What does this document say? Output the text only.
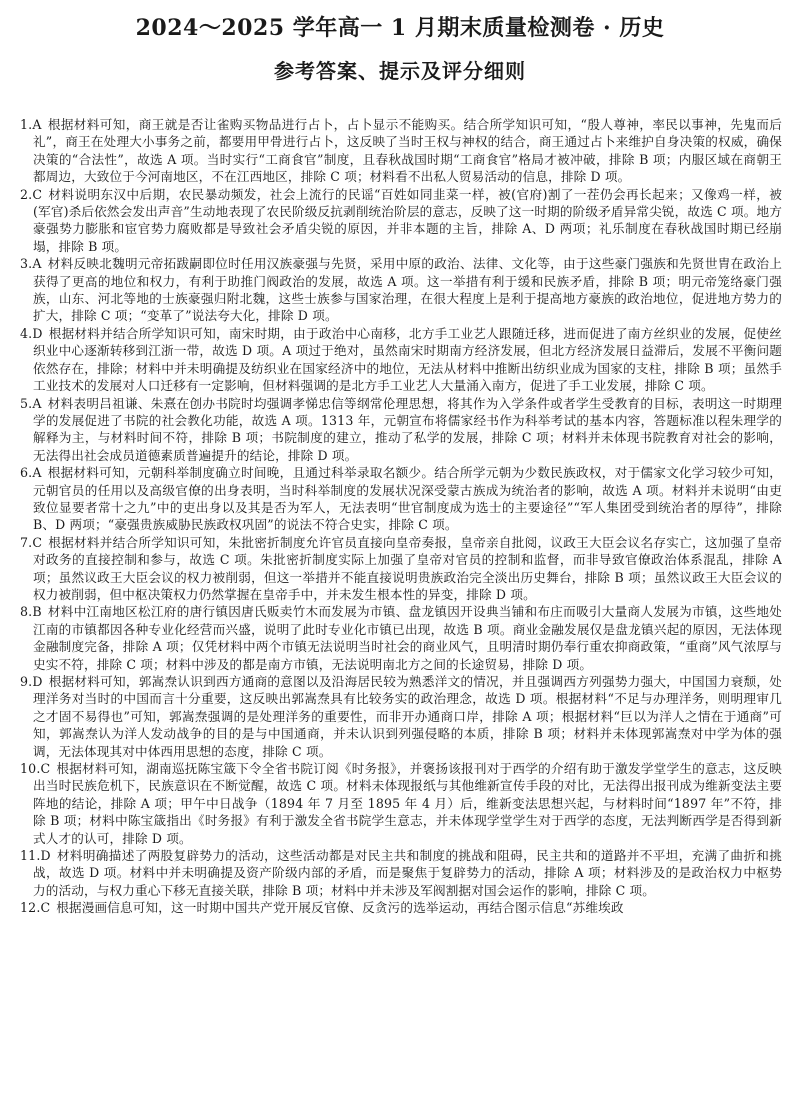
2024～2025 学年高一 1 月期末质量检测卷 · 历史
参考答案、提示及评分细则

1.A 根据材料可知，商王就是否让雀购买物品进行占卜，占卜显示不能购买。结合所学知识可知，“殷人尊神，率民以事神，先鬼而后礼”，商王在处理大小事务之前，都要用甲骨进行占卜，这反映了当时王权与神权的结合，商王通过占卜来维护自身决策的权威，确保决策的“合法性”，故选 A 项。当时实行“工商食官”制度，且春秋战国时期“工商食官”格局才被冲破，排除 B 项；内服区域在商朝王都周边，大致位于今河南地区，不在江西地区，排除 C 项；材料看不出私人贸易活动的信息，排除 D 项。

2.C 材料说明东汉中后期，农民暴动频发，社会上流行的民谣“百姓如同韭菜一样，被(官府)割了一茬仍会再长起来；又像鸡一样，被(军官)杀后依然会发出声音”生动地表现了农民阶级反抗剥削统治阶层的意志，反映了这一时期的阶级矛盾异常尖锐，故选 C 项。地方豪强势力膨胀和宦官势力腐败都是导致社会矛盾尖锐的原因，并非本题的主旨，排除 A、D 两项；礼乐制度在春秋战国时期已经崩塌，排除 B 项。

3.A 材料反映北魏明元帝拓跋嗣即位时任用汉族豪强与先贤，采用中原的政治、法律、文化等，由于这些豪门强族和先贤世胄在政治上获得了更高的地位和权力，有利于助推门阀政治的发展，故选 A 项。这一举措有利于缓和民族矛盾，排除 B 项；明元帝笼络豪门强族，山东、河北等地的士族豪强归附北魏，这些士族参与国家治理，在很大程度上是利于提高地方豪族的政治地位，促进地方势力的扩大，排除 C 项；“变革了”说法夸大化，排除 D 项。

4.D 根据材料并结合所学知识可知，南宋时期，由于政治中心南移，北方手工业艺人跟随迁移，进而促进了南方丝织业的发展，促使丝织业中心逐渐转移到江浙一带，故选 D 项。A 项过于绝对，虽然南宋时期南方经济发展，但北方经济发展日益滞后，发展不平衡问题依然存在，排除；材料中并未明确提及纺织业在国家经济中的地位，无法从材料中推断出纺织业成为国家的支柱，排除 B 项；虽然手工业技术的发展对人口迁移有一定影响，但材料强调的是北方手工业艺人大量涌入南方，促进了手工业发展，排除 C 项。

5.A 材料表明吕祖谦、朱熹在创办书院时均强调孝悌忠信等纲常伦理思想，将其作为入学条件或者学生受教育的目标，表明这一时期理学的发展促进了书院的社会教化功能，故选 A 项。1313 年，元朝宣布将儒家经书作为科举考试的基本内容，答题标准以程朱理学的解释为主，与材料时间不符，排除 B 项；书院制度的建立，推动了私学的发展，排除 C 项；材料并未体现书院教育对社会的影响，无法得出社会成员道德素质普遍提升的结论，排除 D 项。

6.A 根据材料可知，元朝科举制度确立时间晚，且通过科举录取名额少。结合所学元朝为少数民族政权，对于儒家文化学习较少可知，元朝官员的任用以及高级官僚的出身表明，当时科举制度的发展状况深受蒙古族成为统治者的影响，故选 A 项。材料并未说明“由吏致位显要者常十之九”中的吏出身以及其是否为军人，无法表明“世官制度成为选士的主要途径”“军人集团受到统治者的厚待”，排除 B、D 两项；“豪强贵族威胁民族政权巩固”的说法不符合史实，排除 C 项。

7.C 根据材料并结合所学知识可知，朱批密折制度允许官员直接向皇帝奏报，皇帝亲自批阅，议政王大臣会议名存实亡，这加强了皇帝对政务的直接控制和参与，故选 C 项。朱批密折制度实际上加强了皇帝对官员的控制和监督，而非导致官僚政治体系混乱，排除 A 项；虽然议政王大臣会议的权力被削弱，但这一举措并不能直接说明贵族政治完全淡出历史舞台，排除 B 项；虽然议政王大臣会议的权力被削弱，但中枢决策权力仍然掌握在皇帝手中，并未发生根本性的异变，排除 D 项。

8.B 材料中江南地区松江府的唐行镇因唐氏贩卖竹木而发展为市镇、盘龙镇因开设典当铺和布庄而吸引大量商人发展为市镇，这些地处江南的市镇都因各种专业化经营而兴盛，说明了此时专业化市镇已出现，故选 B 项。商业金融发展仅是盘龙镇兴起的原因，无法体现金融制度完备，排除 A 项；仅凭材料中两个市镇无法说明当时社会的商业风气，且明清时期仍奉行重农抑商政策，“重商”风气浓厚与史实不符，排除 C 项；材料中涉及的都是南方市镇，无法说明南北方之间的长途贸易，排除 D 项。

9.D 根据材料可知，郭嵩焘认识到西方通商的意图以及沿海居民较为熟悉洋文的情况，并且强调西方列强势力强大，中国国力衰颓，处理洋务对当时的中国而言十分重要，这反映出郭嵩焘具有比较务实的政治理念，故选 D 项。根据材料“不足与办理洋务，则明理审几之才固不易得也”可知，郭嵩焘强调的是处理洋务的重要性，而非开办通商口岸，排除 A 项；根据材料“巨以为洋人之情在于通商”可知，郭嵩焘认为洋人发动战争的目的是与中国通商，并未认识到列强侵略的本质，排除 B 项；材料并未体现郭嵩焘对中学为体的强调，无法体现其对中体西用思想的态度，排除 C 项。

10.C 根据材料可知，湖南巡抚陈宝箴下令全省书院订阅《时务报》，并褒扬该报刊对于西学的介绍有助于激发学堂学生的意志，这反映出当时民族危机下，民族意识在不断觉醒，故选 C 项。材料未体现报纸与其他维新宣传手段的对比，无法得出报刊成为维新变法主要阵地的结论，排除 A 项；甲午中日战争（1894 年 7 月至 1895 年 4 月）后，维新变法思想兴起，与材料时间“1897 年”不符，排除 B 项；材料中陈宝箴指出《时务报》有利于激发全省书院学生意志，并未体现学堂学生对于西学的态度，无法判断西学是否得到新式人才的认可，排除 D 项。

11.D 材料明确描述了两股复辟势力的活动，这些活动都是对民主共和制度的挑战和阻碍，民主共和的道路并不平坦，充满了曲折和挑战，故选 D 项。材料中并未明确提及资产阶级内部的矛盾，而是聚焦于复辟势力的活动，排除 A 项；材料涉及的是政治权力中枢势力的活动，与权力重心下移无直接关联，排除 B 项；材料中并未涉及军阀割据对国会运作的影响，排除 C 项。

12.C 根据漫画信息可知，这一时期中国共产党开展反官僚、反贪污的选举运动，再结合图示信息“苏维埃政
